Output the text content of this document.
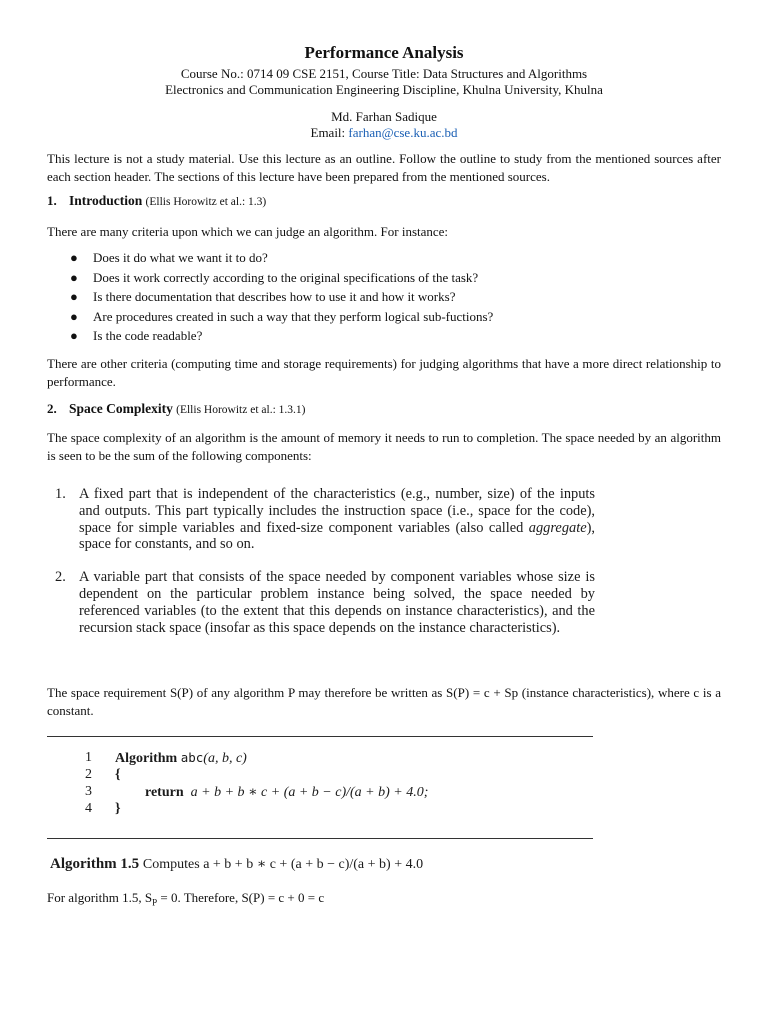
Performance Analysis
Course No.: 0714 09 CSE 2151, Course Title: Data Structures and Algorithms
Electronics and Communication Engineering Discipline, Khulna University, Khulna
Md. Farhan Sadique
Email: farhan@cse.ku.ac.bd
This lecture is not a study material. Use this lecture as an outline. Follow the outline to study from the mentioned sources after each section header. The sections of this lecture have been prepared from the mentioned sources.
1. Introduction (Ellis Horowitz et al.: 1.3)
There are many criteria upon which we can judge an algorithm. For instance:
● Does it do what we want it to do?
● Does it work correctly according to the original specifications of the task?
● Is there documentation that describes how to use it and how it works?
● Are procedures created in such a way that they perform logical sub-fuctions?
● Is the code readable?
There are other criteria (computing time and storage requirements) for judging algorithms that have a more direct relationship to performance.
2. Space Complexity (Ellis Horowitz et al.: 1.3.1)
The space complexity of an algorithm is the amount of memory it needs to run to completion. The space needed by an algorithm is seen to be the sum of the following components:
1. A fixed part that is independent of the characteristics (e.g., number, size) of the inputs and outputs. This part typically includes the instruction space (i.e., space for the code), space for simple variables and fixed-size component variables (also called aggregate), space for constants, and so on.
2. A variable part that consists of the space needed by component variables whose size is dependent on the particular problem instance being solved, the space needed by referenced variables (to the extent that this depends on instance characteristics), and the recursion stack space (insofar as this space depends on the instance characteristics).
The space requirement S(P) of any algorithm P may therefore be written as S(P) = c + Sp (instance characteristics), where c is a constant.
1 Algorithm abc(a, b, c)
2 {
3	return a + b + b ∗ c + (a + b − c)/(a + b) + 4.0;
4 }
Algorithm 1.5 Computes a + b + b ∗ c + (a + b − c)/(a + b) + 4.0
For algorithm 1.5, $S_P = 0$. Therefore, S(P) = c + 0 = c
